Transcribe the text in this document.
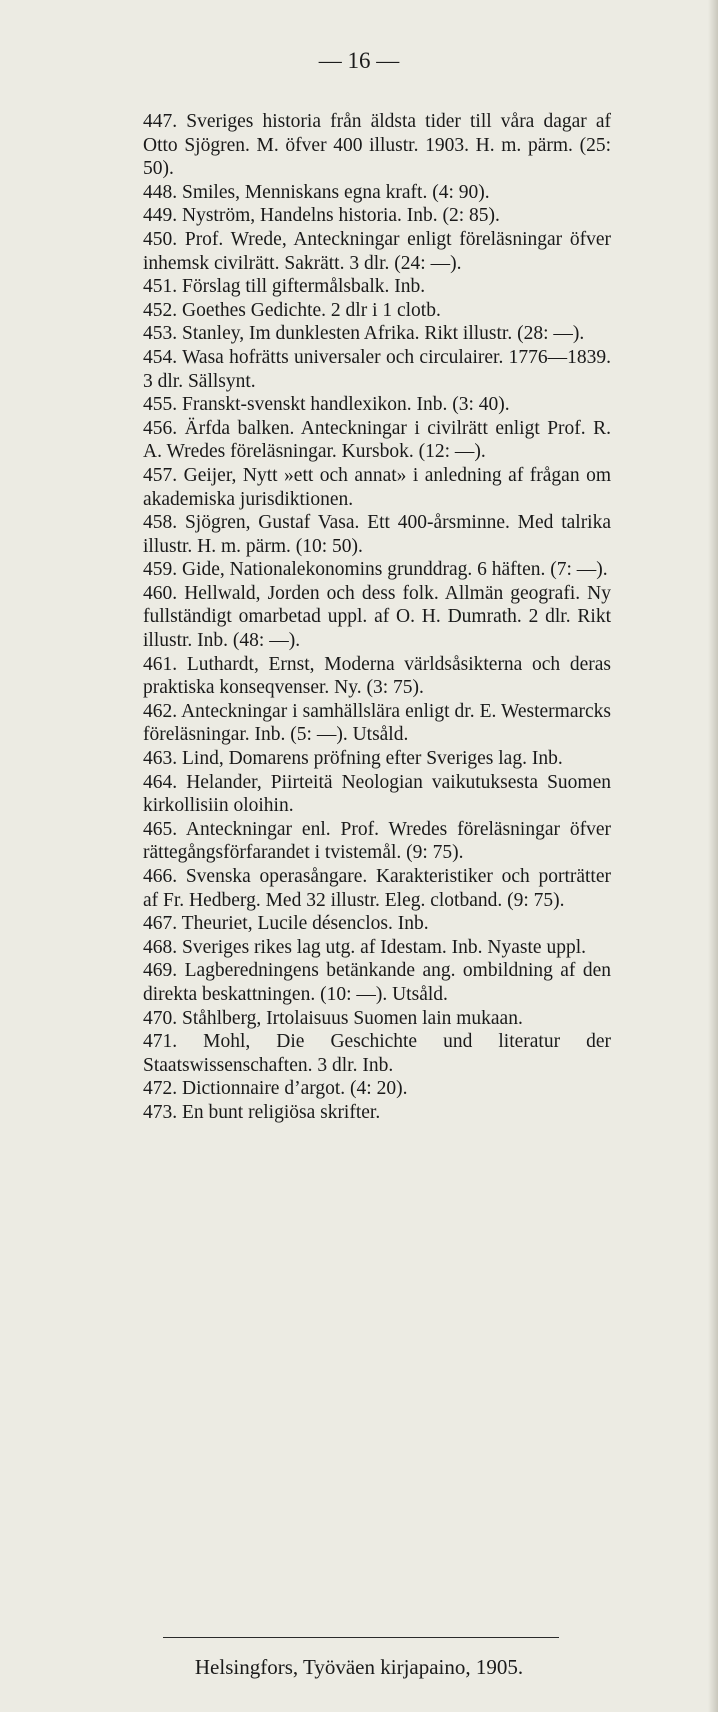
— 16 —

447. Sveriges historia från äldsta tider till våra dagar af Otto Sjögren. M. öfver 400 illustr. 1903. H. m. pärm. (25: 50).

448. Smiles, Menniskans egna kraft. (4: 90).

449. Nyström, Handelns historia. Inb. (2: 85).

450. Prof. Wrede, Anteckningar enligt föreläsningar öfver inhemsk civilrätt. Sakrätt. 3 dlr. (24: —).

451. Förslag till giftermålsbalk. Inb.

452. Goethes Gedichte. 2 dlr i 1 clotb.

453. Stanley, Im dunklesten Afrika. Rikt illustr. (28: —).

454. Wasa hofrätts universaler och circulairer. 1776—1839. 3 dlr. Sällsynt.

455. Franskt-svenskt handlexikon. Inb. (3: 40).

456. Ärfda balken. Anteckningar i civilrätt enligt Prof. R. A. Wredes föreläsningar. Kursbok. (12: —).

457. Geijer, Nytt »ett och annat» i anledning af frågan om akademiska jurisdiktionen.

458. Sjögren, Gustaf Vasa. Ett 400-årsminne. Med talrika illustr. H. m. pärm. (10: 50).

459. Gide, Nationalekonomins grunddrag. 6 häften. (7: —).

460. Hellwald, Jorden och dess folk. Allmän geografi. Ny fullständigt omarbetad uppl. af O. H. Dumrath. 2 dlr. Rikt illustr. Inb. (48: —).

461. Luthardt, Ernst, Moderna världsåsikterna och deras praktiska konseqvenser. Ny. (3: 75).

462. Anteckningar i samhällslära enligt dr. E. Westermarcks föreläsningar. Inb. (5: —). Utsåld.

463. Lind, Domarens pröfning efter Sveriges lag. Inb.

464. Helander, Piirteitä Neologian vaikutuksesta Suomen kirkollisiin oloihin.

465. Anteckningar enl. Prof. Wredes föreläsningar öfver rättegångsförfarandet i tvistemål. (9: 75).

466. Svenska operasångare. Karakteristiker och porträtter af Fr. Hedberg. Med 32 illustr. Eleg. clotband. (9: 75).

467. Theuriet, Lucile désenclos. Inb.

468. Sveriges rikes lag utg. af Idestam. Inb. Nyaste uppl.

469. Lagberedningens betänkande ang. ombildning af den direkta beskattningen. (10: —). Utsåld.

470. Ståhlberg, Irtolaisuus Suomen lain mukaan.

471. Mohl, Die Geschichte und literatur der Staatswissenschaften. 3 dlr. Inb.

472. Dictionnaire d’argot. (4: 20).

473. En bunt religiösa skrifter.

Helsingfors, Työväen kirjapaino, 1905.
